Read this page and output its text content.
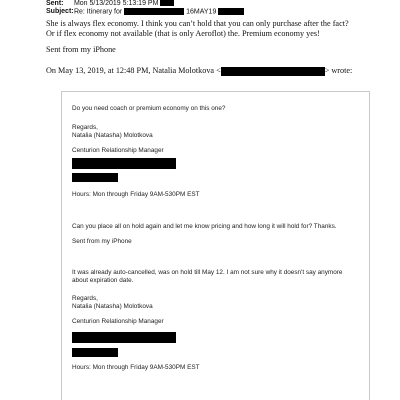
Sent: Mon 5/13/2019 5:13:19 PM
Subject: Re: Itinerary for	16MAY19
She is always flex economy. I think you can’t hold that you can only purchase after the fact? Or if flex economy not available (that is only Aeroflot) the. Premium economy yes!
Sent from my iPhone
On May 13, 2019, at 12:48 PM, Natalia Molotkova <	> wrote:
Do you need coach or premium economy on this one?
Regards,
Natalia (Natasha) Molotkova
Centurion Relationship Manager
Hours: Mon through Friday 9AM-530PM EST
Can you place all on hold again and let me know pricing and how long it will hold for? Thanks.
Sent from my iPhone
It was already auto-cancelled, was on hold till May 12. I am not sure why it doesn't say anymore
about expiration date.
Regards,
Natalia (Natasha) Molotkova
Centurion Relationship Manager
Hours: Mon through Friday 9AM-530PM EST
